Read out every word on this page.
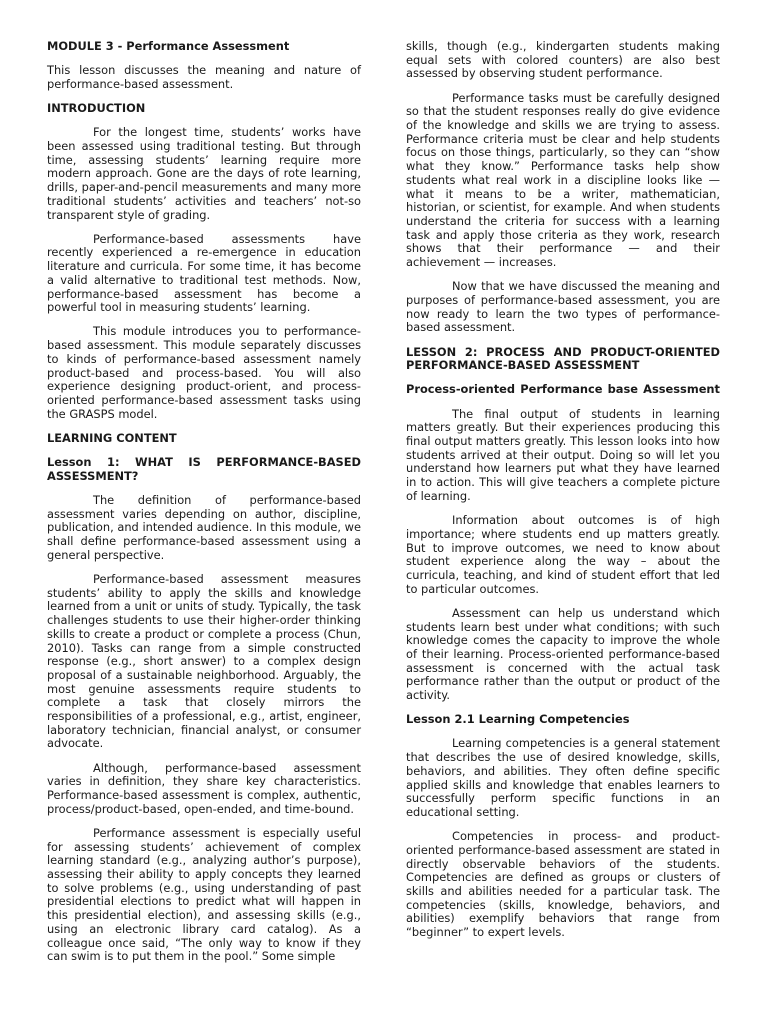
MODULE 3 - Performance Assessment

This lesson discusses the meaning and nature of performance-based assessment.

INTRODUCTION

For the longest time, students’ works have been assessed using traditional testing. But through time, assessing students’ learning require more modern approach. Gone are the days of rote learning, drills, paper-and-pencil measurements and many more traditional students’ activities and teachers’ not-so transparent style of grading.

Performance-based assessments have recently experienced a re-emergence in education literature and curricula. For some time, it has become a valid alternative to traditional test methods. Now, performance-based assessment has become a powerful tool in measuring students’ learning.

This module introduces you to performance-based assessment. This module separately discusses to kinds of performance-based assessment namely product-based and process-based. You will also experience designing product-orient, and process-oriented performance-based assessment tasks using the GRASPS model.

LEARNING CONTENT
Lesson 1: WHAT IS PERFORMANCE-BASED ASSESSMENT?

The definition of performance-based assessment varies depending on author, discipline, publication, and intended audience. In this module, we shall define performance-based assessment using a general perspective.

Performance-based assessment measures students’ ability to apply the skills and knowledge learned from a unit or units of study. Typically, the task challenges students to use their higher-order thinking skills to create a product or complete a process (Chun, 2010). Tasks can range from a simple constructed response (e.g., short answer) to a complex design proposal of a sustainable neighborhood. Arguably, the most genuine assessments require students to complete a task that closely mirrors the responsibilities of a professional, e.g., artist, engineer, laboratory technician, financial analyst, or consumer advocate.

Although, performance-based assessment varies in definition, they share key characteristics. Performance-based assessment is complex, authentic, process/product-based, open-ended, and time-bound.

Performance assessment is especially useful for assessing students’ achievement of complex learning standard (e.g., analyzing author’s purpose), assessing their ability to apply concepts they learned to solve problems (e.g., using understanding of past presidential elections to predict what will happen in this presidential election), and assessing skills (e.g., using an electronic library card catalog). As a colleague once said, “The only way to know if they can swim is to put them in the pool.” Some simple

skills, though (e.g., kindergarten students making equal sets with colored counters) are also best assessed by observing student performance.

Performance tasks must be carefully designed so that the student responses really do give evidence of the knowledge and skills we are trying to assess. Performance criteria must be clear and help students focus on those things, particularly, so they can “show what they know.” Performance tasks help show students what real work in a discipline looks like — what it means to be a writer, mathematician, historian, or scientist, for example. And when students understand the criteria for success with a learning task and apply those criteria as they work, research shows that their performance — and their achievement — increases.

Now that we have discussed the meaning and purposes of performance-based assessment, you are now ready to learn the two types of performance-based assessment.

LESSON 2: PROCESS AND PRODUCT-ORIENTED PERFORMANCE-BASED ASSESSMENT
Process-oriented Performance base Assessment

The final output of students in learning matters greatly. But their experiences producing this final output matters greatly. This lesson looks into how students arrived at their output. Doing so will let you understand how learners put what they have learned in to action. This will give teachers a complete picture of learning.

Information about outcomes is of high importance; where students end up matters greatly. But to improve outcomes, we need to know about student experience along the way – about the curricula, teaching, and kind of student effort that led to particular outcomes.

Assessment can help us understand which students learn best under what conditions; with such knowledge comes the capacity to improve the whole of their learning. Process-oriented performance-based assessment is concerned with the actual task performance rather than the output or product of the activity.

Lesson 2.1 Learning Competencies

Learning competencies is a general statement that describes the use of desired knowledge, skills, behaviors, and abilities. They often define specific applied skills and knowledge that enables learners to successfully perform specific functions in an educational setting.

Competencies in process- and product-oriented performance-based assessment are stated in directly observable behaviors of the students. Competencies are defined as groups or clusters of skills and abilities needed for a particular task. The competencies (skills, knowledge, behaviors, and abilities) exemplify behaviors that range from “beginner” to expert levels.
